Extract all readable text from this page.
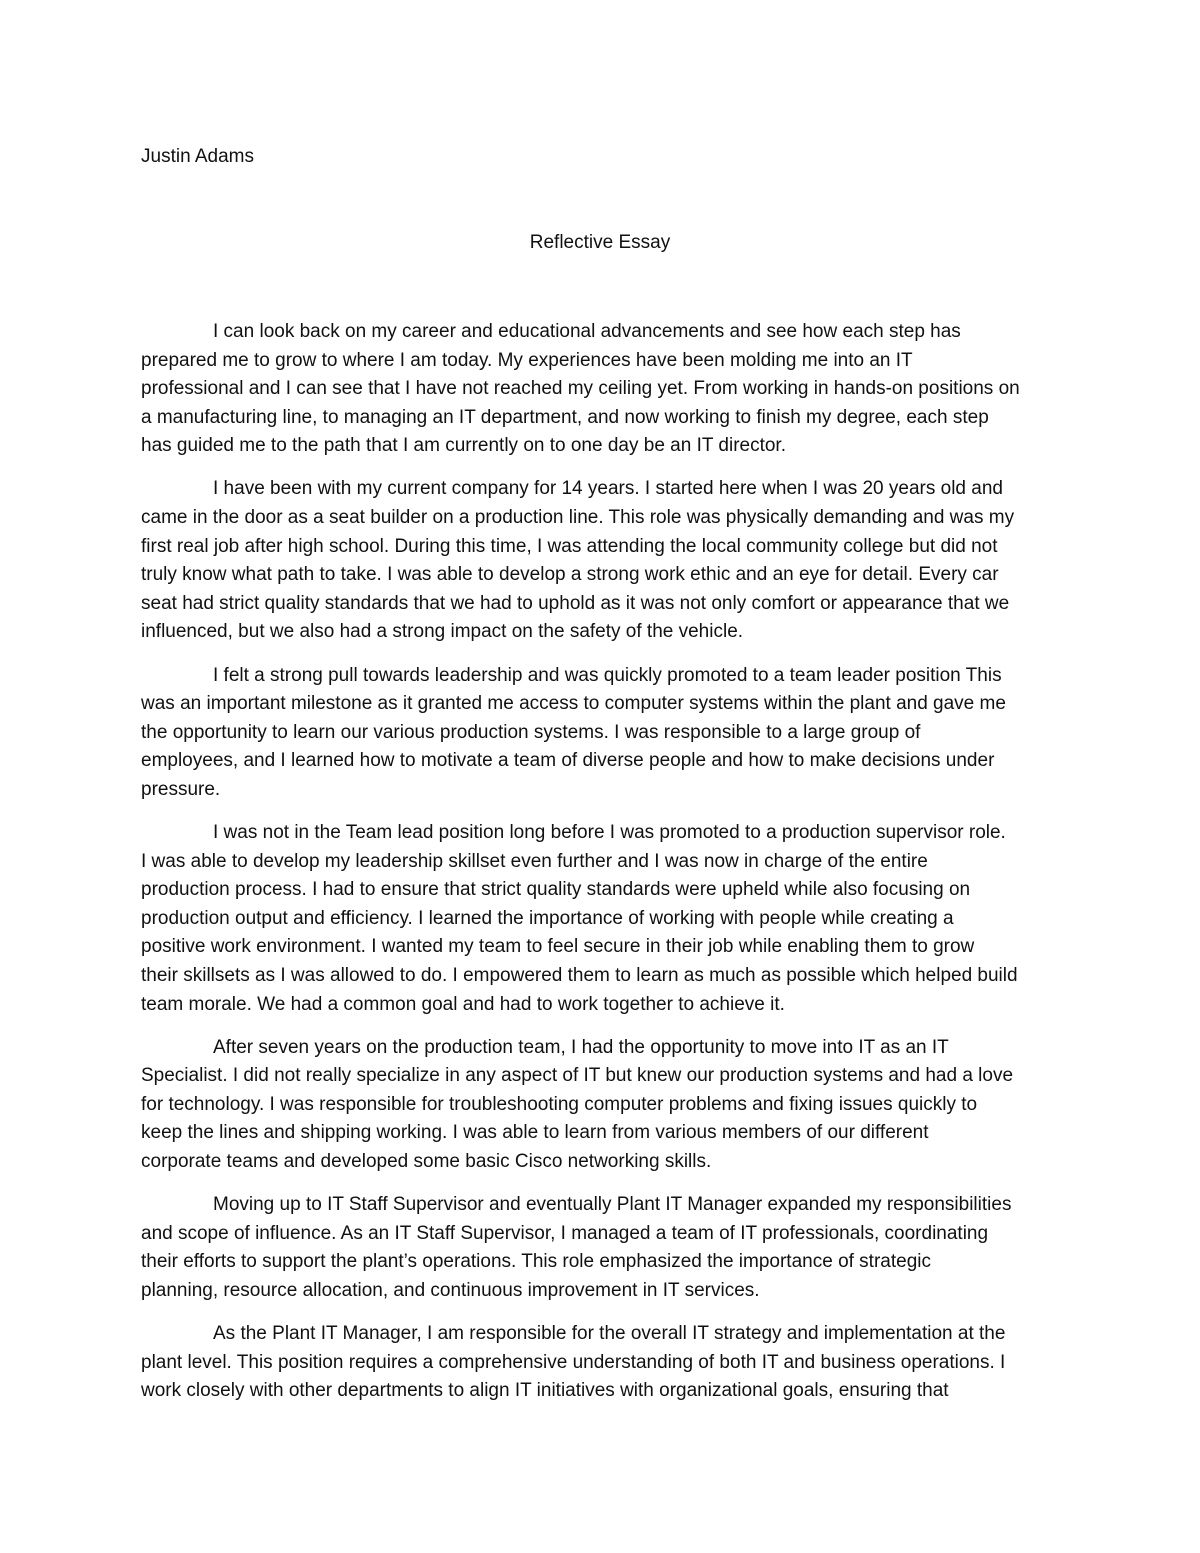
Justin Adams

Reflective Essay

I can look back on my career and educational advancements and see how each step has
prepared me to grow to where I am today. My experiences have been molding me into an IT
professional and I can see that I have not reached my ceiling yet. From working in hands-on positions on
a manufacturing line, to managing an IT department, and now working to finish my degree, each step
has guided me to the path that I am currently on to one day be an IT director.

I have been with my current company for 14 years. I started here when I was 20 years old and
came in the door as a seat builder on a production line. This role was physically demanding and was my
first real job after high school. During this time, I was attending the local community college but did not
truly know what path to take. I was able to develop a strong work ethic and an eye for detail. Every car
seat had strict quality standards that we had to uphold as it was not only comfort or appearance that we
influenced, but we also had a strong impact on the safety of the vehicle.

I felt a strong pull towards leadership and was quickly promoted to a team leader position This
was an important milestone as it granted me access to computer systems within the plant and gave me
the opportunity to learn our various production systems. I was responsible to a large group of
employees, and I learned how to motivate a team of diverse people and how to make decisions under
pressure.

I was not in the Team lead position long before I was promoted to a production supervisor role.
I was able to develop my leadership skillset even further and I was now in charge of the entire
production process. I had to ensure that strict quality standards were upheld while also focusing on
production output and efficiency. I learned the importance of working with people while creating a
positive work environment. I wanted my team to feel secure in their job while enabling them to grow
their skillsets as I was allowed to do. I empowered them to learn as much as possible which helped build
team morale. We had a common goal and had to work together to achieve it.

After seven years on the production team, I had the opportunity to move into IT as an IT
Specialist. I did not really specialize in any aspect of IT but knew our production systems and had a love
for technology. I was responsible for troubleshooting computer problems and fixing issues quickly to
keep the lines and shipping working. I was able to learn from various members of our different
corporate teams and developed some basic Cisco networking skills.

Moving up to IT Staff Supervisor and eventually Plant IT Manager expanded my responsibilities
and scope of influence. As an IT Staff Supervisor, I managed a team of IT professionals, coordinating
their efforts to support the plant’s operations. This role emphasized the importance of strategic
planning, resource allocation, and continuous improvement in IT services.

As the Plant IT Manager, I am responsible for the overall IT strategy and implementation at the
plant level. This position requires a comprehensive understanding of both IT and business operations. I
work closely with other departments to align IT initiatives with organizational goals, ensuring that
